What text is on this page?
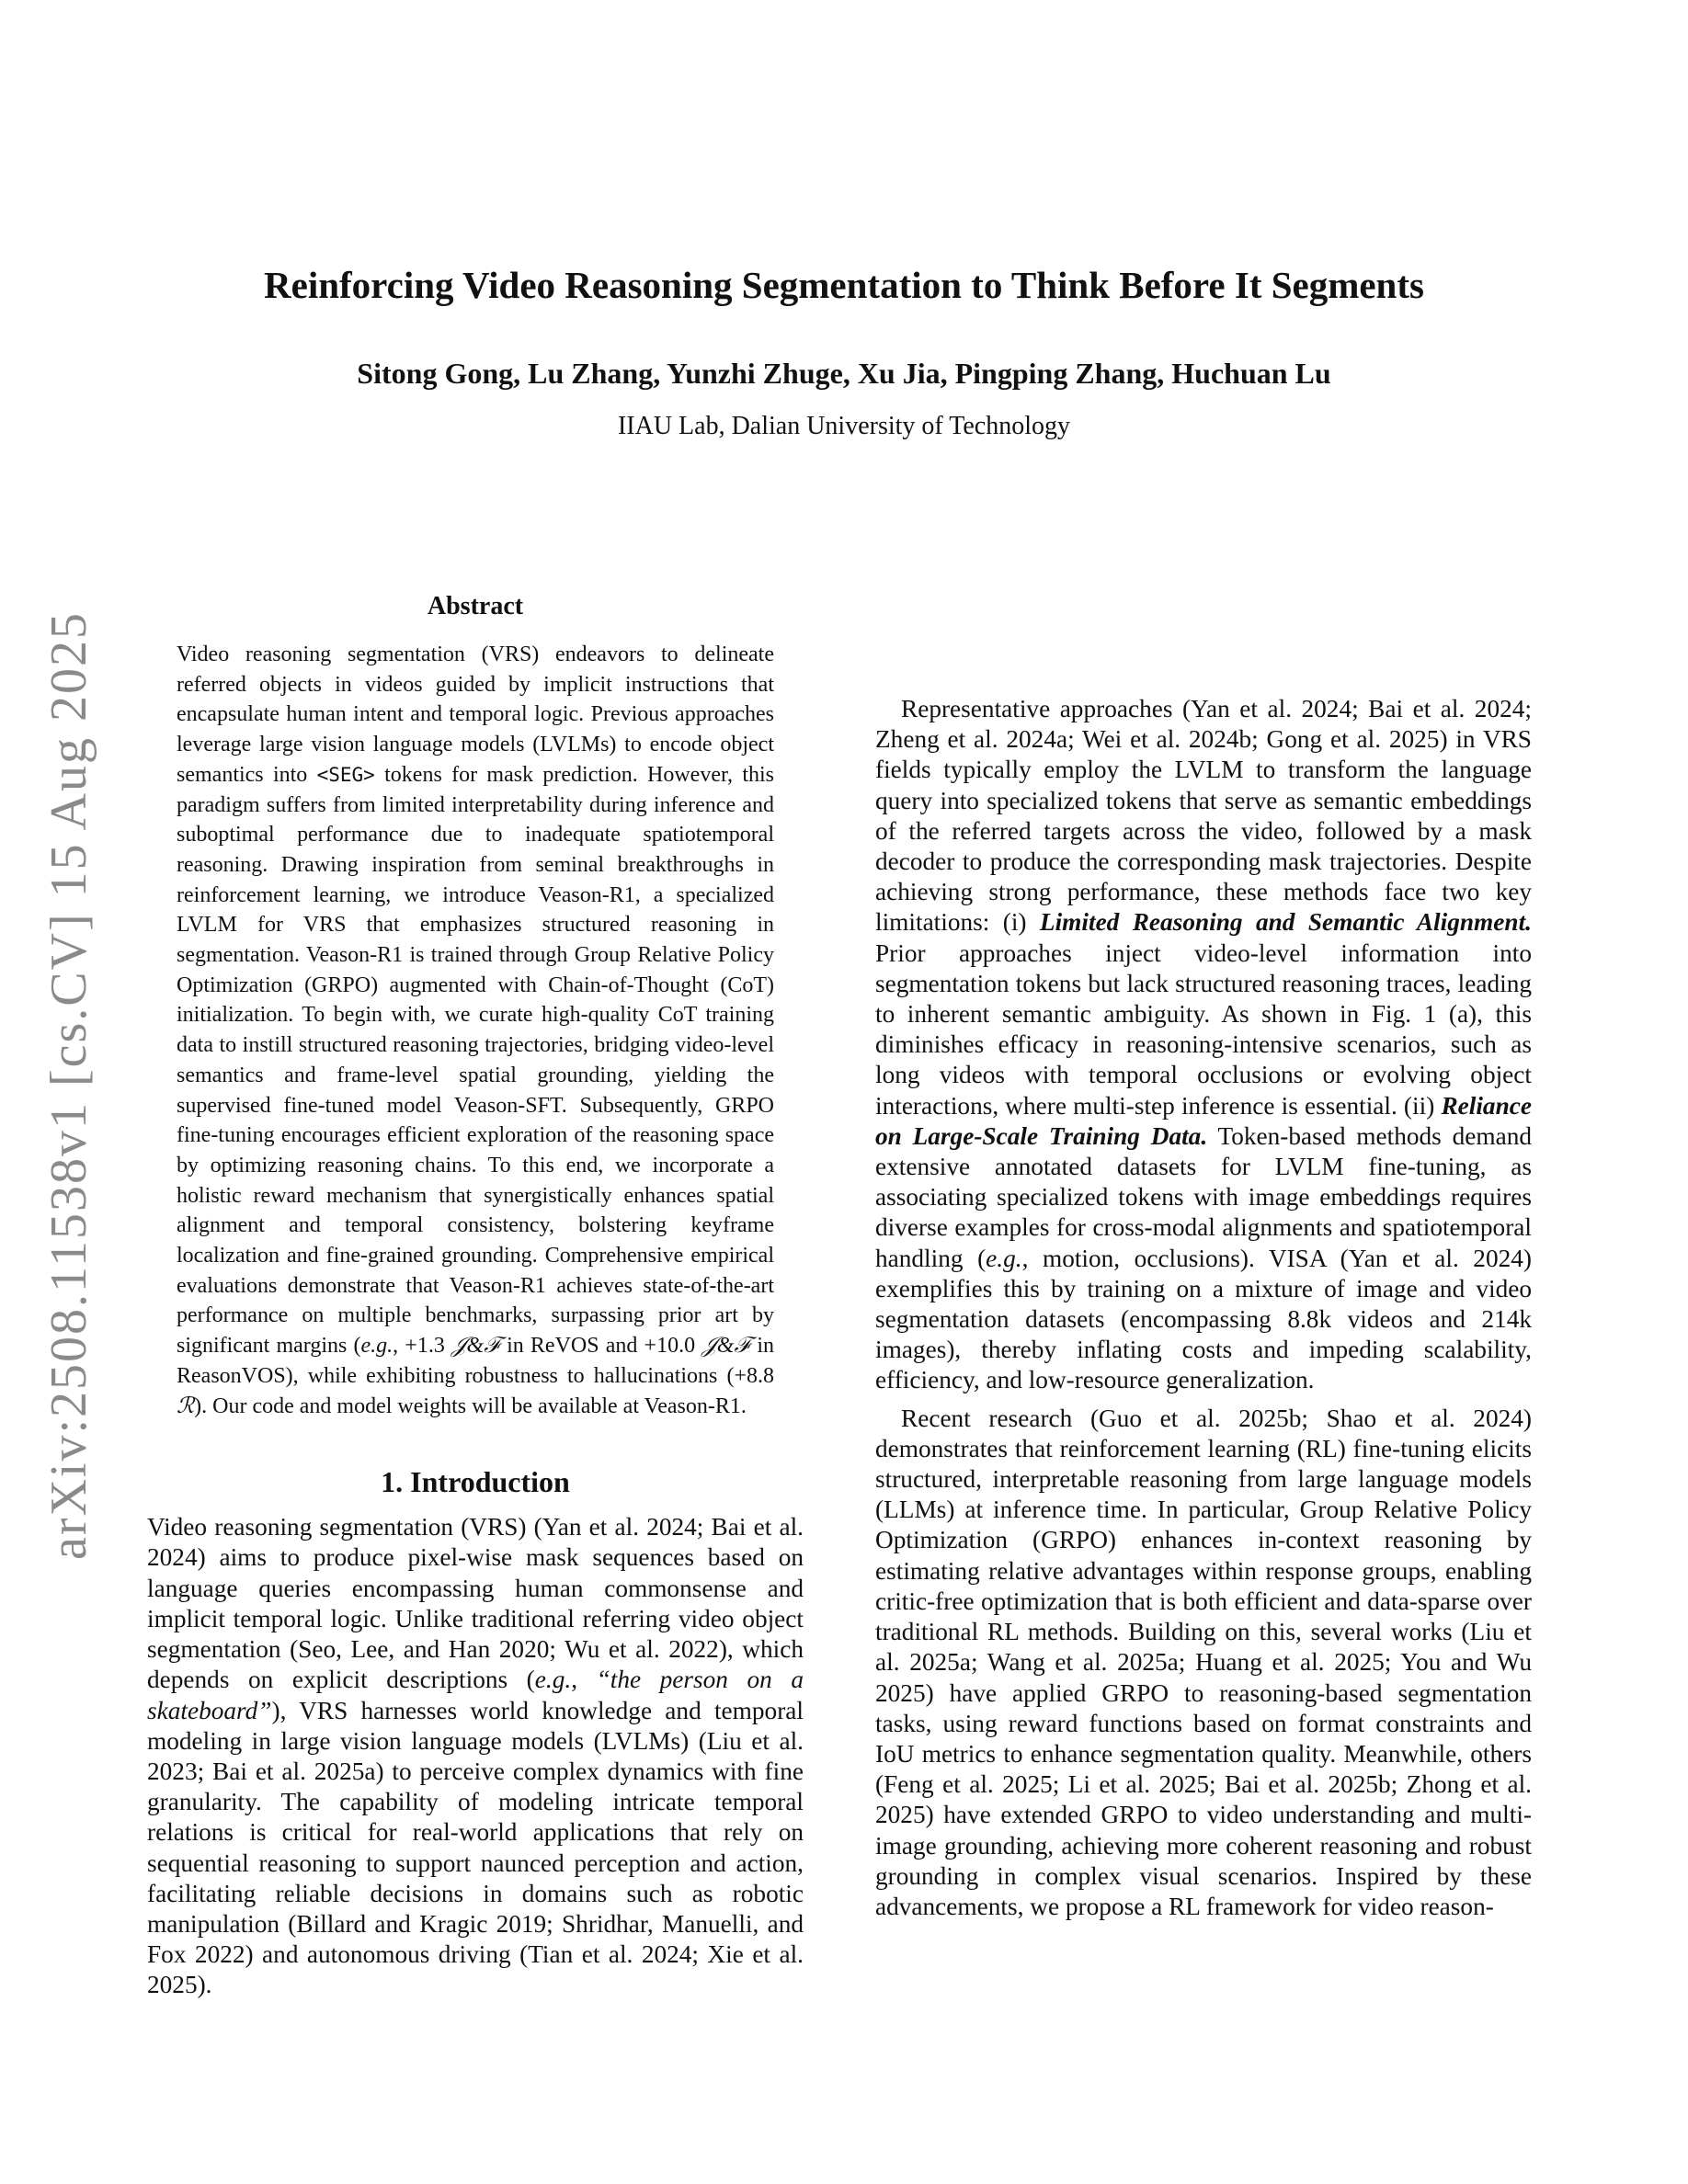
arXiv:2508.11538v1 [cs.CV] 15 Aug 2025
Reinforcing Video Reasoning Segmentation to Think Before It Segments
Sitong Gong, Lu Zhang, Yunzhi Zhuge, Xu Jia, Pingping Zhang, Huchuan Lu
IIAU Lab, Dalian University of Technology
Abstract

Video reasoning segmentation (VRS) endeavors to delineate referred objects in videos guided by implicit instructions that encapsulate human intent and temporal logic. Previous approaches leverage large vision language models (LVLMs) to encode object semantics into <SEG> tokens for mask prediction. However, this paradigm suffers from limited interpretability during inference and suboptimal performance due to inadequate spatiotemporal reasoning. Drawing inspiration from seminal breakthroughs in reinforcement learning, we introduce Veason-R1, a specialized LVLM for VRS that emphasizes structured reasoning in segmentation. Veason-R1 is trained through Group Relative Policy Optimization (GRPO) augmented with Chain-of-Thought (CoT) initialization. To begin with, we curate high-quality CoT training data to instill structured reasoning trajectories, bridging video-level semantics and frame-level spatial grounding, yielding the supervised fine-tuned model Veason-SFT. Subsequently, GRPO fine-tuning encourages efficient exploration of the reasoning space by optimizing reasoning chains. To this end, we incorporate a holistic reward mechanism that synergistically enhances spatial alignment and temporal consistency, bolstering keyframe localization and fine-grained grounding. Comprehensive empirical evaluations demonstrate that Veason-R1 achieves state-of-the-art performance on multiple benchmarks, surpassing prior art by significant margins (e.g., +1.3 𝒥&ℱ in ReVOS and +10.0 𝒥&ℱ in ReasonVOS), while exhibiting robustness to hallucinations (+8.8 ℛ). Our code and model weights will be available at Veason-R1.

1. Introduction

Video reasoning segmentation (VRS) (Yan et al. 2024; Bai et al. 2024) aims to produce pixel-wise mask sequences based on language queries encompassing human commonsense and implicit temporal logic. Unlike traditional referring video object segmentation (Seo, Lee, and Han 2020; Wu et al. 2022), which depends on explicit descriptions (e.g., “the person on a skateboard”), VRS harnesses world knowledge and temporal modeling in large vision language models (LVLMs) (Liu et al. 2023; Bai et al. 2025a) to perceive complex dynamics with fine granularity. The capability of modeling intricate temporal relations is critical for real-world applications that rely on sequential reasoning to support naunced perception and action, facilitating reliable decisions in domains such as robotic manipulation (Billard and Kragic 2019; Shridhar, Manuelli, and Fox 2022) and autonomous driving (Tian et al. 2024; Xie et al. 2025).

Representative approaches (Yan et al. 2024; Bai et al. 2024; Zheng et al. 2024a; Wei et al. 2024b; Gong et al. 2025) in VRS fields typically employ the LVLM to transform the language query into specialized tokens that serve as semantic embeddings of the referred targets across the video, followed by a mask decoder to produce the corresponding mask trajectories. Despite achieving strong performance, these methods face two key limitations: (i) Limited Reasoning and Semantic Alignment. Prior approaches inject video-level information into segmentation tokens but lack structured reasoning traces, leading to inherent semantic ambiguity. As shown in Fig. 1 (a), this diminishes efficacy in reasoning-intensive scenarios, such as long videos with temporal occlusions or evolving object interactions, where multi-step inference is essential. (ii) Reliance on Large-Scale Training Data. Token-based methods demand extensive annotated datasets for LVLM fine-tuning, as associating specialized tokens with image embeddings requires diverse examples for cross-modal alignments and spatiotemporal handling (e.g., motion, occlusions). VISA (Yan et al. 2024) exemplifies this by training on a mixture of image and video segmentation datasets (encompassing 8.8k videos and 214k images), thereby inflating costs and impeding scalability, efficiency, and low-resource generalization.

Recent research (Guo et al. 2025b; Shao et al. 2024) demonstrates that reinforcement learning (RL) fine-tuning elicits structured, interpretable reasoning from large language models (LLMs) at inference time. In particular, Group Relative Policy Optimization (GRPO) enhances in-context reasoning by estimating relative advantages within response groups, enabling critic-free optimization that is both efficient and data-sparse over traditional RL methods. Building on this, several works (Liu et al. 2025a; Wang et al. 2025a; Huang et al. 2025; You and Wu 2025) have applied GRPO to reasoning-based segmentation tasks, using reward functions based on format constraints and IoU metrics to enhance segmentation quality. Meanwhile, others (Feng et al. 2025; Li et al. 2025; Bai et al. 2025b; Zhong et al. 2025) have extended GRPO to video understanding and multi-image grounding, achieving more coherent reasoning and robust grounding in complex visual scenarios. Inspired by these advancements, we propose a RL framework for video reason-
